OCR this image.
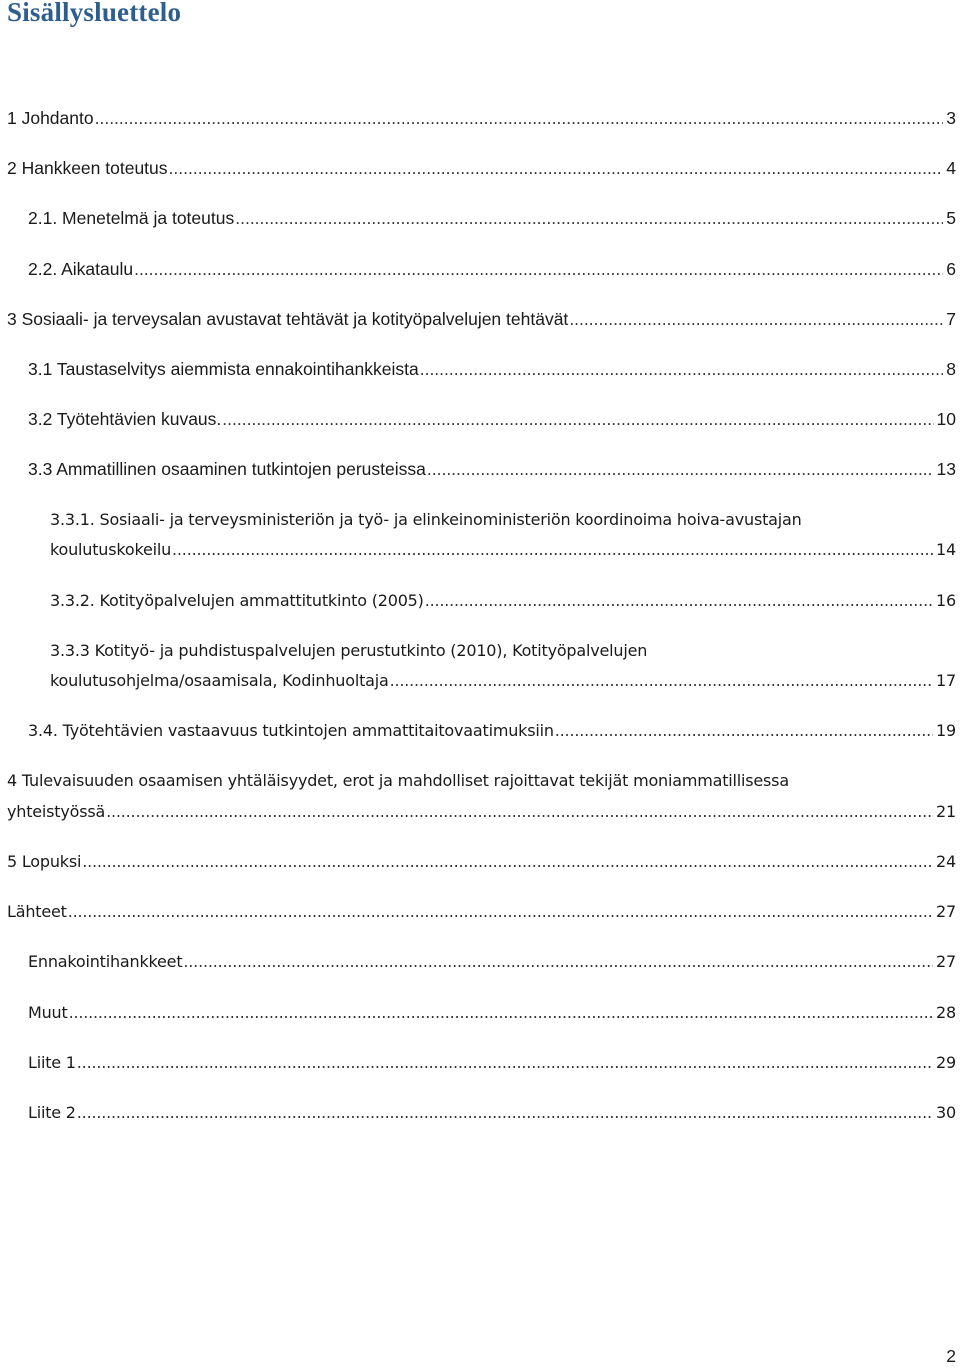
Sisällysluettelo
1 Johdanto .....	3
2 Hankkeen toteutus .....	4
2.1. Menetelmä ja toteutus .....	5
2.2. Aikataulu .....	6
3 Sosiaali- ja terveysalan avustavat tehtävät ja kotityöpalvelujen tehtävät .....	7
3.1 Taustaselvitys aiemmista ennakointihankkeista .....	8
3.2 Työtehtävien kuvaus. .....	10
3.3 Ammatillinen osaaminen tutkintojen perusteissa .....	13
3.3.1. Sosiaali- ja terveysministeriön ja työ- ja elinkeinoministeriön koordinoima hoiva-avustajan
koulutuskokeilu .....	14
3.3.2. Kotityöpalvelujen ammattitutkinto (2005) .....	16
3.3.3 Kotityö- ja puhdistuspalvelujen perustutkinto (2010), Kotityöpalvelujen
koulutusohjelma/osaamisala, Kodinhuoltaja .....	17
3.4. Työtehtävien vastaavuus tutkintojen ammattitaitovaatimuksiin .....	19
4 Tulevaisuuden osaamisen yhtäläisyydet, erot ja mahdolliset rajoittavat tekijät moniammatillisessa
yhteistyössä .....	21
5 Lopuksi .....	24
Lähteet .....	27
Ennakointihankkeet .....	27
Muut .....	28
Liite 1 .....	29
Liite 2 .....	30
2
